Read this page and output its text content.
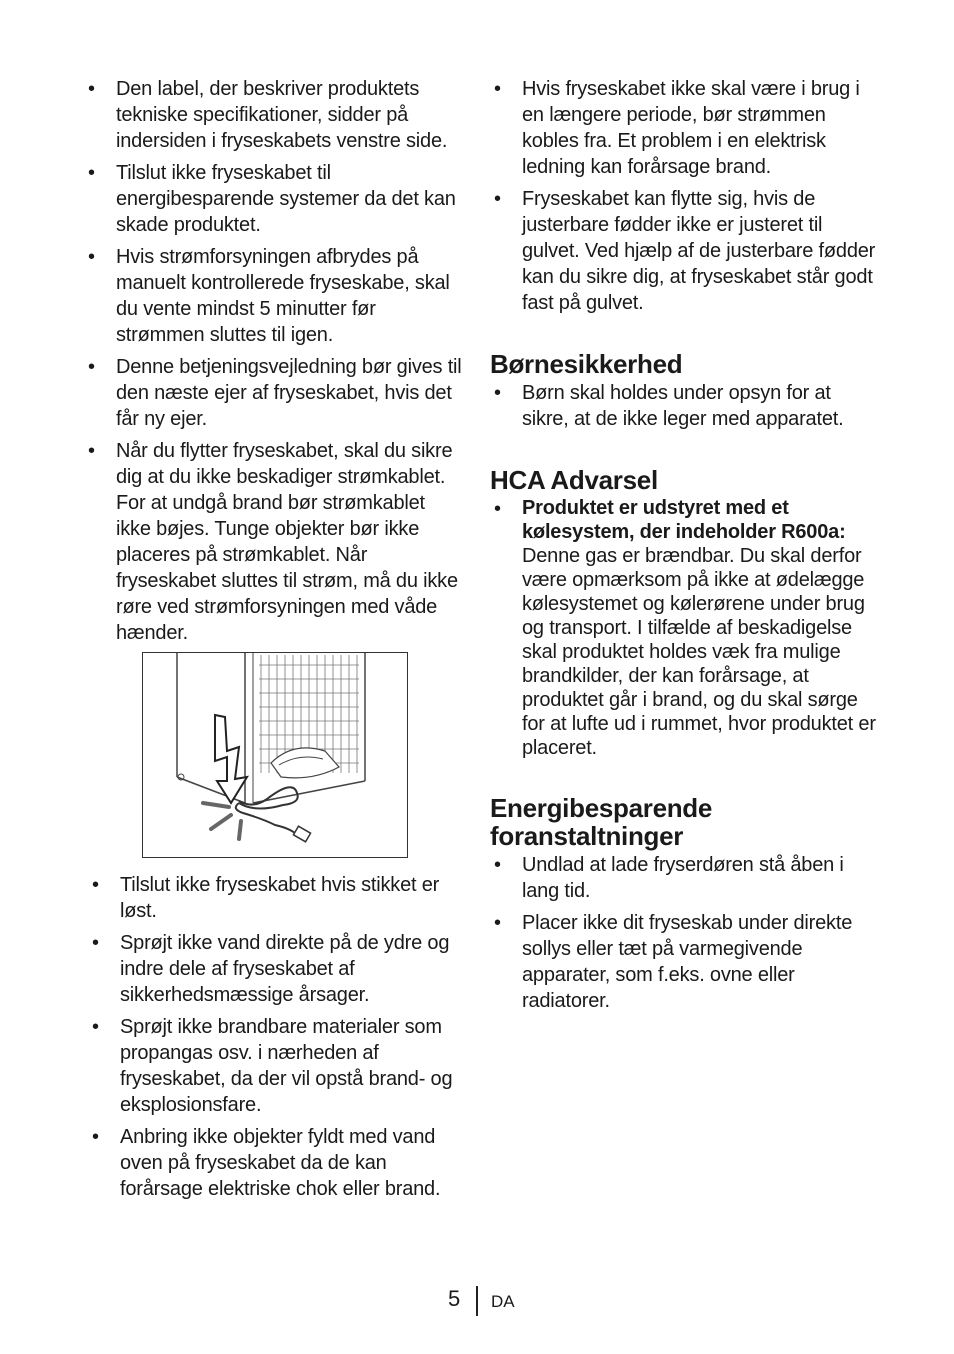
• Den label, der beskriver produktets tekniske specifikationer, sidder på indersiden i fryseskabets venstre side.
• Tilslut ikke fryseskabet til energibesparende systemer da det kan skade produktet.
• Hvis strømforsyningen afbrydes på manuelt kontrollerede fryseskabe, skal du vente mindst 5 minutter før strømmen sluttes til igen.
• Denne betjeningsvejledning bør gives til den næste ejer af fryseskabet, hvis det får ny ejer.
• Når du flytter fryseskabet, skal du sikre dig at du ikke beskadiger strømkablet. For at undgå brand bør strømkablet ikke bøjes. Tunge objekter bør ikke placeres på strømkablet. Når fryseskabet sluttes til strøm, må du ikke røre ved strømforsyningen med våde hænder.
• Tilslut ikke fryseskabet hvis stikket er løst.
• Sprøjt ikke vand direkte på de ydre og indre dele af fryseskabet af sikkerhedsmæssige årsager.
• Sprøjt ikke brandbare materialer som propangas osv. i nærheden af fryseskabet, da der vil opstå brand- og eksplosionsfare.
• Anbring ikke objekter fyldt med vand oven på fryseskabet da de kan forårsage elektriske chok eller brand.
• Hvis fryseskabet ikke skal være i brug i en længere periode, bør strømmen kobles fra. Et problem i en elektrisk ledning kan forårsage brand.
• Fryseskabet kan flytte sig, hvis de justerbare fødder ikke er justeret til gulvet. Ved hjælp af de justerbare fødder kan du sikre dig, at fryseskabet står godt fast på gulvet.
Børnesikkerhed
• Børn skal holdes under opsyn for at sikre, at de ikke leger med apparatet.
HCA Advarsel
• Produktet er udstyret med et kølesystem, der indeholder R600a:
Denne gas er brændbar. Du skal derfor være opmærksom på ikke at ødelægge kølesystemet og kølerørene under brug og transport. I tilfælde af beskadigelse skal produktet holdes væk fra mulige brandkilder, der kan forårsage, at produktet går i brand, og du skal sørge for at lufte ud i rummet, hvor produktet er placeret.
Energibesparende foranstaltninger
• Undlad at lade fryserdøren stå åben i lang tid.
• Placer ikke dit fryseskab under direkte sollys eller tæt på varmegivende apparater, som f.eks. ovne eller radiatorer.
5 DA
